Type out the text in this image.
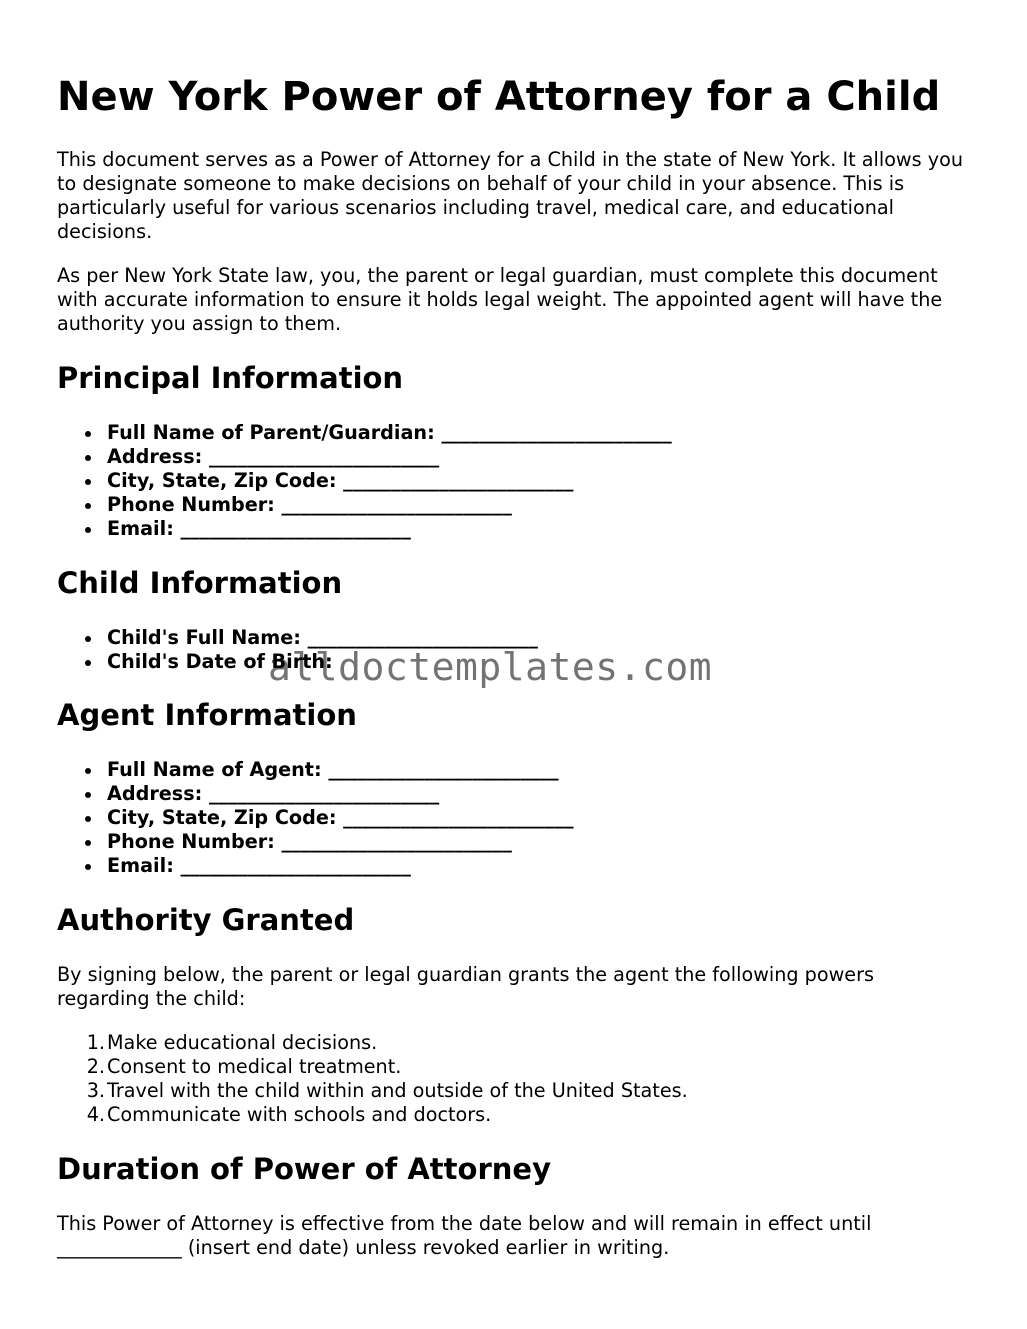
New York Power of Attorney for a Child

This document serves as a Power of Attorney for a Child in the state of New York. It allows you to designate someone to make decisions on behalf of your child in your absence. This is particularly useful for various scenarios including travel, medical care, and educational decisions.

As per New York State law, you, the parent or legal guardian, must complete this document with accurate information to ensure it holds legal weight. The appointed agent will have the authority you assign to them.

Principal Information
Full Name of Parent/Guardian: ________________________
Address: ________________________
City, State, Zip Code: ________________________
Phone Number: ________________________
Email: ________________________
Child Information
Child's Full Name: ________________________
Child's Date of Birth:
Agent Information
Full Name of Agent: ________________________
Address: ________________________
City, State, Zip Code: ________________________
Phone Number: ________________________
Email: ________________________
Authority Granted

By signing below, the parent or legal guardian grants the agent the following powers regarding the child:

1. Make educational decisions.
2. Consent to medical treatment.
3. Travel with the child within and outside of the United States.
4. Communicate with schools and doctors.
Duration of Power of Attorney

This Power of Attorney is effective from the date below and will remain in effect until _____________ (insert end date) unless revoked earlier in writing.

alldoctemplates.com
